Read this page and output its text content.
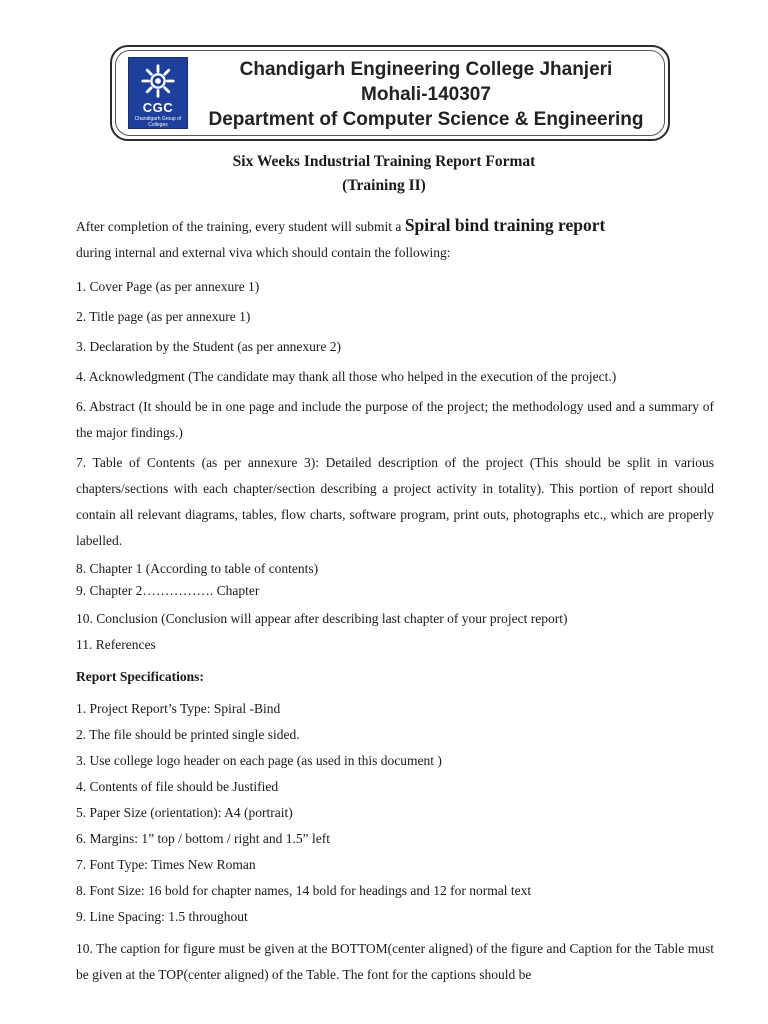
CGC
Chandigarh Group of Colleges
Chandigarh Engineering College Jhanjeri
Mohali-140307
Department of Computer Science & Engineering
Six Weeks Industrial Training Report Format
(Training II)

After completion of the training, every student will submit a Spiral bind training report

during internal and external viva which should contain the following:

1. Cover Page (as per annexure 1)

2. Title page (as per annexure 1)

3. Declaration by the Student (as per annexure 2)

4. Acknowledgment (The candidate may thank all those who helped in the execution of the project.)

6. Abstract (It should be in one page and include the purpose of the project; the methodology used and a summary of the major findings.)

7. Table of Contents (as per annexure 3): Detailed description of the project (This should be split in various chapters/sections with each chapter/section describing a project activity in totality). This portion of report should contain all relevant diagrams, tables, flow charts, software program, print outs, photographs etc., which are properly labelled.

8. Chapter 1 (According to table of contents)

9. Chapter 2……………. Chapter

10. Conclusion (Conclusion will appear after describing last chapter of your project report)

11. References

Report Specifications:

1. Project Report’s Type: Spiral -Bind

2. The file should be printed single sided.

3. Use college logo header on each page (as used in this document )

4. Contents of file should be Justified

5. Paper Size (orientation): A4 (portrait)

6. Margins: 1” top / bottom / right and 1.5” left

7. Font Type: Times New Roman

8. Font Size: 16 bold for chapter names, 14 bold for headings and 12 for normal text

9. Line Spacing: 1.5 throughout

10. The caption for figure must be given at the BOTTOM(center aligned) of the figure and Caption for the Table must be given at the TOP(center aligned) of the Table. The font for the captions should be
